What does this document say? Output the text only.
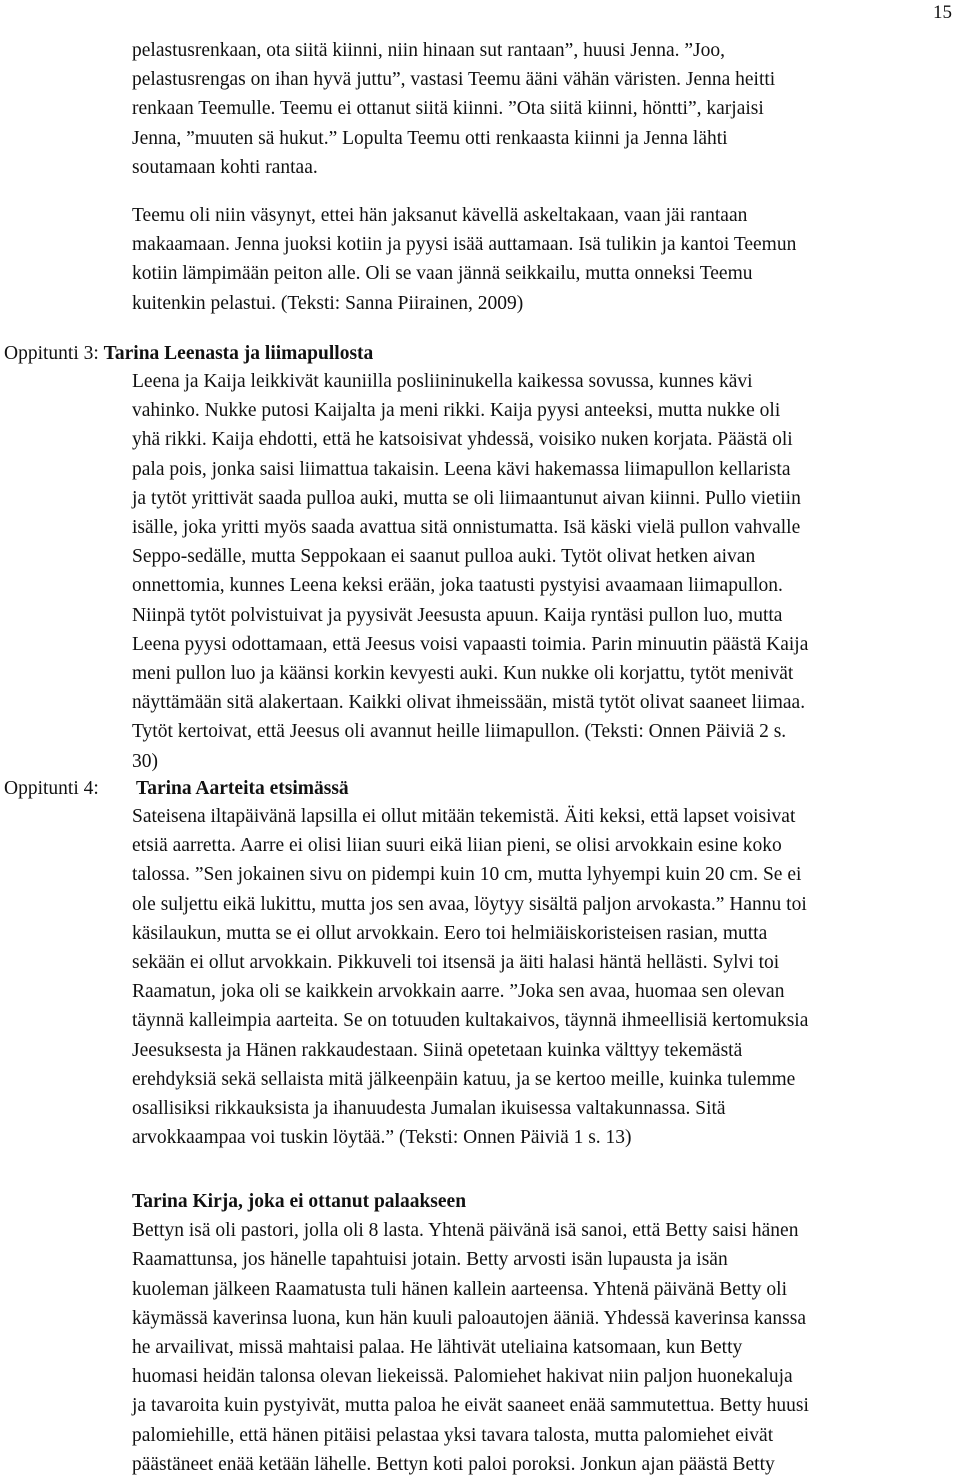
15
pelastusrenkaan, ota siitä kiinni, niin hinaan sut rantaan”, huusi Jenna. ”Joo,
pelastusrengas on ihan hyvä juttu”, vastasi Teemu ääni vähän väristen. Jenna heitti
renkaan Teemulle. Teemu ei ottanut siitä kiinni. ”Ota siitä kiinni, höntti”, karjaisi
Jenna, ”muuten sä hukut.” Lopulta Teemu otti renkaasta kiinni ja Jenna lähti
soutamaan kohti rantaa.
Teemu oli niin väsynyt, ettei hän jaksanut kävellä askeltakaan, vaan jäi rantaan
makaamaan. Jenna juoksi kotiin ja pyysi isää auttamaan. Isä tulikin ja kantoi Teemun
kotiin lämpimään peiton alle. Oli se vaan jännä seikkailu, mutta onneksi Teemu
kuitenkin pelastui. (Teksti: Sanna Piirainen, 2009)
Oppitunti 3: Tarina Leenasta ja liimapullosta
Leena ja Kaija leikkivät kauniilla posliininukella kaikessa sovussa, kunnes kävi
vahinko. Nukke putosi Kaijalta ja meni rikki. Kaija pyysi anteeksi, mutta nukke oli
yhä rikki. Kaija ehdotti, että he katsoisivat yhdessä, voisiko nuken korjata. Päästä oli
pala pois, jonka saisi liimattua takaisin. Leena kävi hakemassa liimapullon kellarista
ja tytöt yrittivät saada pulloa auki, mutta se oli liimaantunut aivan kiinni. Pullo vietiin
isälle, joka yritti myös saada avattua sitä onnistumatta. Isä käski vielä pullon vahvalle
Seppo-sedälle, mutta Seppokaan ei saanut pulloa auki. Tytöt olivat hetken aivan
onnettomia, kunnes Leena keksi erään, joka taatusti pystyisi avaamaan liimapullon.
Niinpä tytöt polvistuivat ja pyysivät Jeesusta apuun. Kaija ryntäsi pullon luo, mutta
Leena pyysi odottamaan, että Jeesus voisi vapaasti toimia. Parin minuutin päästä Kaija
meni pullon luo ja käänsi korkin kevyesti auki. Kun nukke oli korjattu, tytöt menivät
näyttämään sitä alakertaan. Kaikki olivat ihmeissään, mistä tytöt olivat saaneet liimaa.
Tytöt kertoivat, että Jeesus oli avannut heille liimapullon. (Teksti: Onnen Päiviä 2 s.
30)
Oppitunti 4: Tarina Aarteita etsimässä
Sateisena iltapäivänä lapsilla ei ollut mitään tekemistä. Äiti keksi, että lapset voisivat
etsiä aarretta. Aarre ei olisi liian suuri eikä liian pieni, se olisi arvokkain esine koko
talossa. ”Sen jokainen sivu on pidempi kuin 10 cm, mutta lyhyempi kuin 20 cm. Se ei
ole suljettu eikä lukittu, mutta jos sen avaa, löytyy sisältä paljon arvokasta.” Hannu toi
käsilaukun, mutta se ei ollut arvokkain. Eero toi helmiäiskoristeisen rasian, mutta
sekään ei ollut arvokkain. Pikkuveli toi itsensä ja äiti halasi häntä hellästi. Sylvi toi
Raamatun, joka oli se kaikkein arvokkain aarre. ”Joka sen avaa, huomaa sen olevan
täynnä kalleimpia aarteita. Se on totuuden kultakaivos, täynnä ihmeellisiä kertomuksia
Jeesuksesta ja Hänen rakkaudestaan. Siinä opetetaan kuinka välttyy tekemästä
erehdyksiä sekä sellaista mitä jälkeenpäin katuu, ja se kertoo meille, kuinka tulemme
osallisiksi rikkauksista ja ihanuudesta Jumalan ikuisessa valtakunnassa. Sitä
arvokkaampaa voi tuskin löytää.” (Teksti: Onnen Päiviä 1 s. 13)
Tarina Kirja, joka ei ottanut palaakseen
Bettyn isä oli pastori, jolla oli 8 lasta. Yhtenä päivänä isä sanoi, että Betty saisi hänen
Raamattunsa, jos hänelle tapahtuisi jotain. Betty arvosti isän lupausta ja isän
kuoleman jälkeen Raamatusta tuli hänen kallein aarteensa. Yhtenä päivänä Betty oli
käymässä kaverinsa luona, kun hän kuuli paloautojen ääniä. Yhdessä kaverinsa kanssa
he arvailivat, missä mahtaisi palaa. He lähtivät uteliaina katsomaan, kun Betty
huomasi heidän talonsa olevan liekeissä. Palomiehet hakivat niin paljon huonekaluja
ja tavaroita kuin pystyivät, mutta paloa he eivät saaneet enää sammutettua. Betty huusi
palomiehille, että hänen pitäisi pelastaa yksi tavara talosta, mutta palomiehet eivät
päästäneet enää ketään lähelle. Bettyn koti paloi poroksi. Jonkun ajan päästä Betty
